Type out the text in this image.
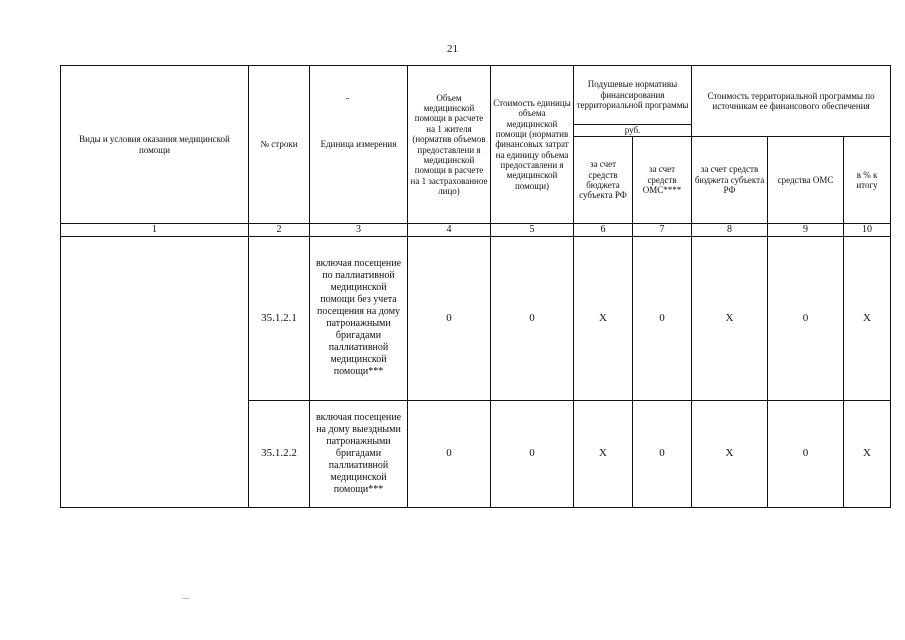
21
Виды и условия оказания медицинской помощи	№ строки	Единица измерения	Объем медицинской помощи в расчете на 1 жителя (норматив объемов предоставлени я медицинской помощи в расчете на 1 застрахованное лицо)	Стоимость единицы объема медицинской помощи (норматив финансовых затрат на единицу объема предоставлени я медицинской помощи)	Подушевые нормативы финансирования территориальной программы		Стоимость территориальной программы по источникам ее финансового обеспечения		
					руб.				
					за счет средств бюджета субъекта РФ	за счет средств ОМС****	за счет средств бюджета субъекта РФ	средства ОМС	в % к итогу
1	2	3	4	5	6	7	8	9	10
	35.1.2.1	включая посещение по паллиативной медицинской помощи без учета посещения на дому патронажными бригадами паллиативной медицинской помощи***	0	0	Х	0	Х	0	Х
	35.1.2.2	включая посещение на дому выездными патронажными бригадами паллиативной медицинской помощи***	0	0	Х	0	Х	0	Х
